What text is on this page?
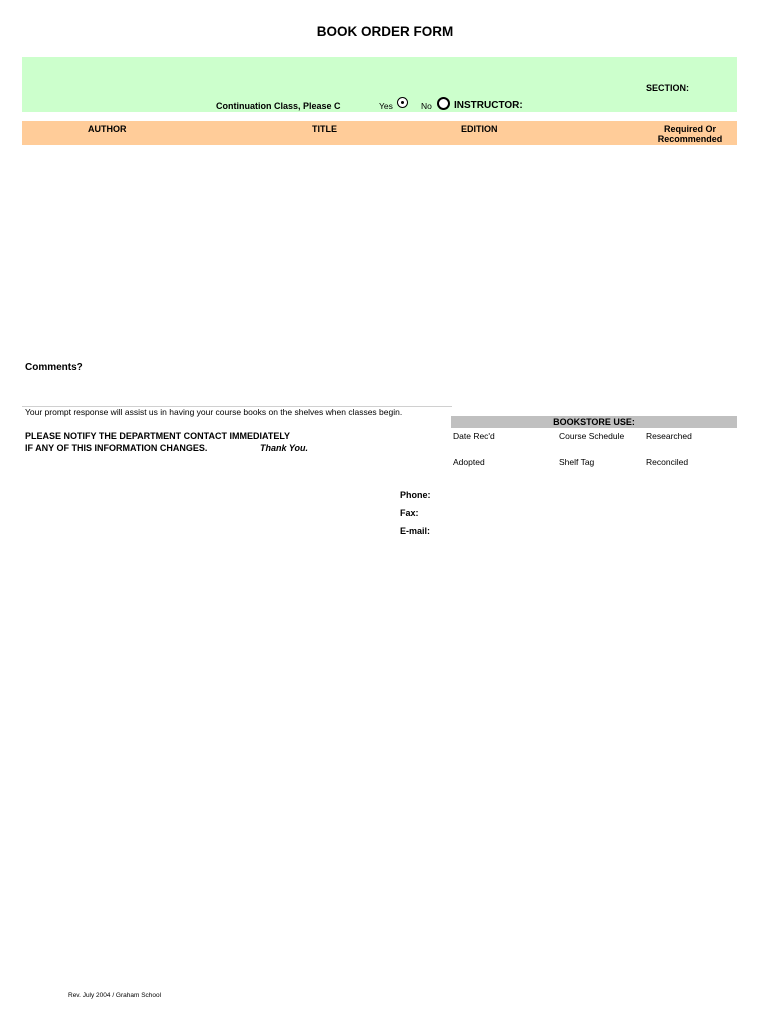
BOOK ORDER FORM
SECTION:
Continuation Class, Please C	Yes	No INSTRUCTOR:
AUTHOR	TITLE	EDITION	Required Or
Recommended
Comments?
Your prompt response will assist us in having your course books on the shelves when classes begin.
PLEASE NOTIFY THE DEPARTMENT CONTACT IMMEDIATELY
IF ANY OF THIS INFORMATION CHANGES.	Thank You.
BOOKSTORE USE:
Date Rec'd	Course Schedule	Researched
Adopted	Shelf Tag	Reconciled
Phone:
Fax:
E-mail:
Rev. July 2004 / Graham School
